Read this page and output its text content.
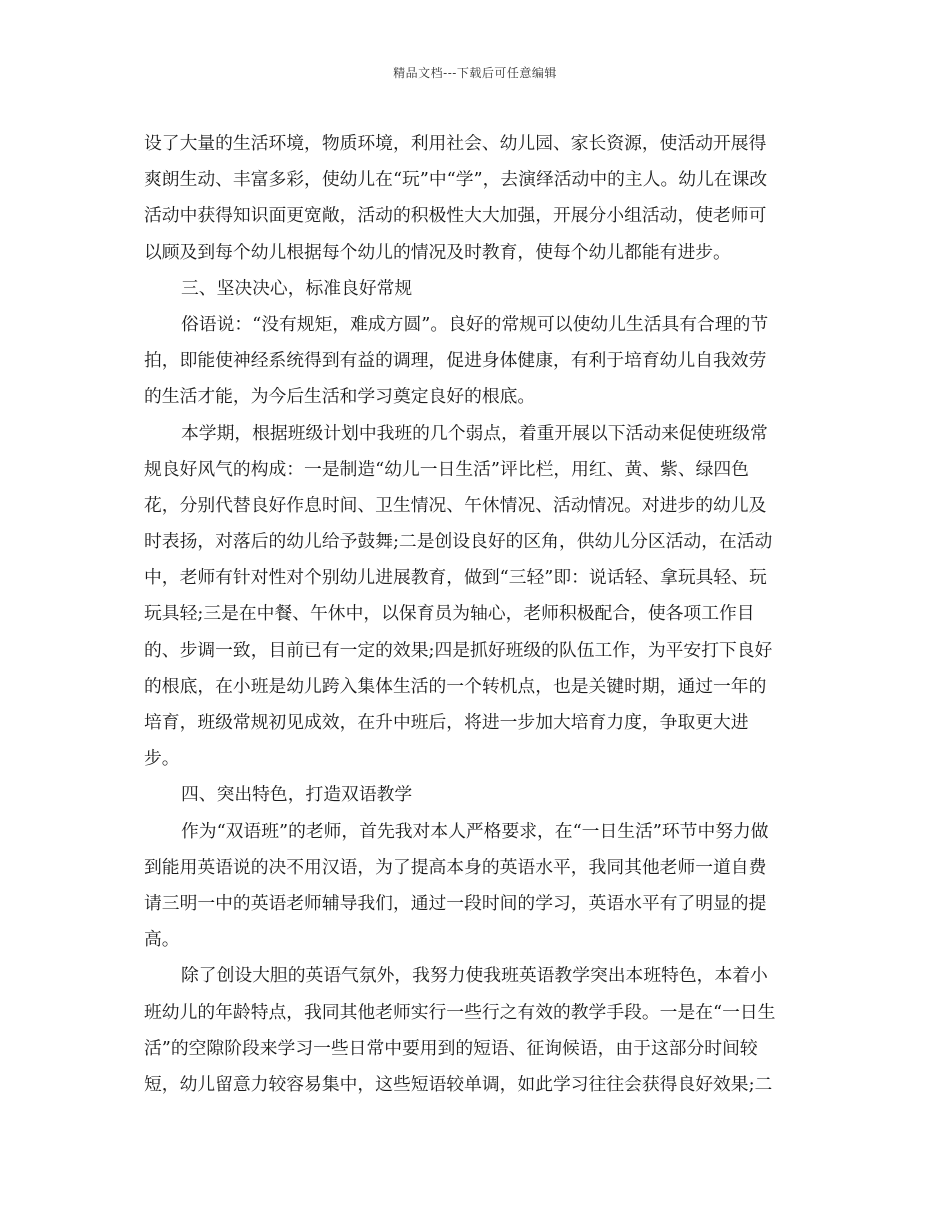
精品文档---下载后可任意编辑
设了大量的生活环境，物质环境，利用社会、幼儿园、家长资源，使活动开展得
爽朗生动、丰富多彩，使幼儿在“玩”中“学”，去演绎活动中的主人。幼儿在课改
活动中获得知识面更宽敞，活动的积极性大大加强，开展分小组活动，使老师可
以顾及到每个幼儿根据每个幼儿的情况及时教育，使每个幼儿都能有进步。
三、坚决决心，标准良好常规
俗语说：“没有规矩，难成方圆”。良好的常规可以使幼儿生活具有合理的节
拍，即能使神经系统得到有益的调理，促进身体健康，有利于培育幼儿自我效劳
的生活才能，为今后生活和学习奠定良好的根底。
本学期，根据班级计划中我班的几个弱点，着重开展以下活动来促使班级常
规良好风气的构成：一是制造“幼儿一日生活”评比栏，用红、黄、紫、绿四色
花，分别代替良好作息时间、卫生情况、午休情况、活动情况。对进步的幼儿及
时表扬，对落后的幼儿给予鼓舞;二是创设良好的区角，供幼儿分区活动，在活动
中，老师有针对性对个别幼儿进展教育，做到“三轻”即：说话轻、拿玩具轻、玩
玩具轻;三是在中餐、午休中，以保育员为轴心，老师积极配合，使各项工作目
的、步调一致，目前已有一定的效果;四是抓好班级的队伍工作，为平安打下良好
的根底，在小班是幼儿跨入集体生活的一个转机点，也是关键时期，通过一年的
培育，班级常规初见成效，在升中班后，将进一步加大培育力度，争取更大进
步。
四、突出特色，打造双语教学
作为“双语班”的老师，首先我对本人严格要求，在“一日生活”环节中努力做
到能用英语说的决不用汉语，为了提高本身的英语水平，我同其他老师一道自费
请三明一中的英语老师辅导我们，通过一段时间的学习，英语水平有了明显的提
高。
除了创设大胆的英语气氛外，我努力使我班英语教学突出本班特色，本着小
班幼儿的年龄特点，我同其他老师实行一些行之有效的教学手段。一是在“一日生
活”的空隙阶段来学习一些日常中要用到的短语、征询候语，由于这部分时间较
短，幼儿留意力较容易集中，这些短语较单调，如此学习往往会获得良好效果;二
